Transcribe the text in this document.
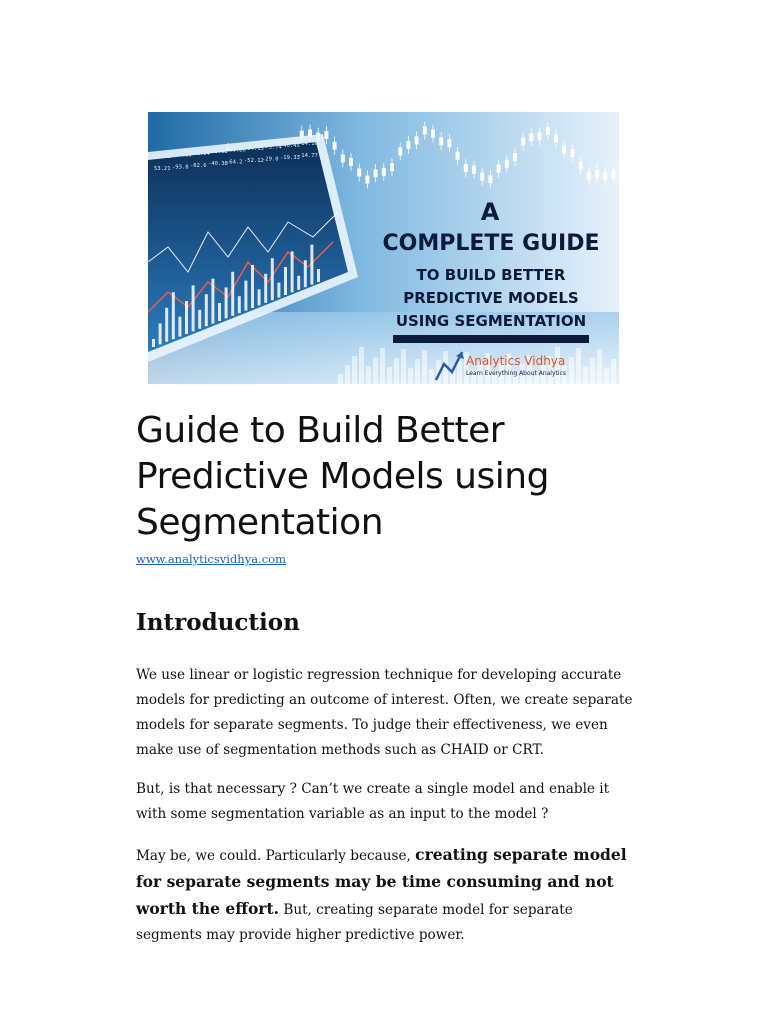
53.11 -36.50
-11.24
-53.82
-60.80
-64.15
-73.74
-40.45
-84.16
53.21 -93.8 -02.6 -40.38
-64.2 -52.12
-29.0 -19.33
-14.77
A
COMPLETE GUIDE
TO BUILD BETTER
PREDICTIVE MODELS
USING SEGMENTATION
Analytics Vidhya
Learn Everything About Analytics
Guide to Build Better Predictive Models using Segmentation
www.analyticsvidhya.com
Introduction

We use linear or logistic regression technique for developing accurate models for predicting an outcome of interest. Often, we create separate models for separate segments. To judge their effectiveness, we even make use of segmentation methods such as CHAID or CRT.

But, is that necessary ? Can’t we create a single model and enable it with some segmentation variable as an input to the model ?

May be, we could. Particularly because, creating separate model for separate segments may be time consuming and not worth the effort. But, creating separate model for separate segments may provide higher predictive power.
